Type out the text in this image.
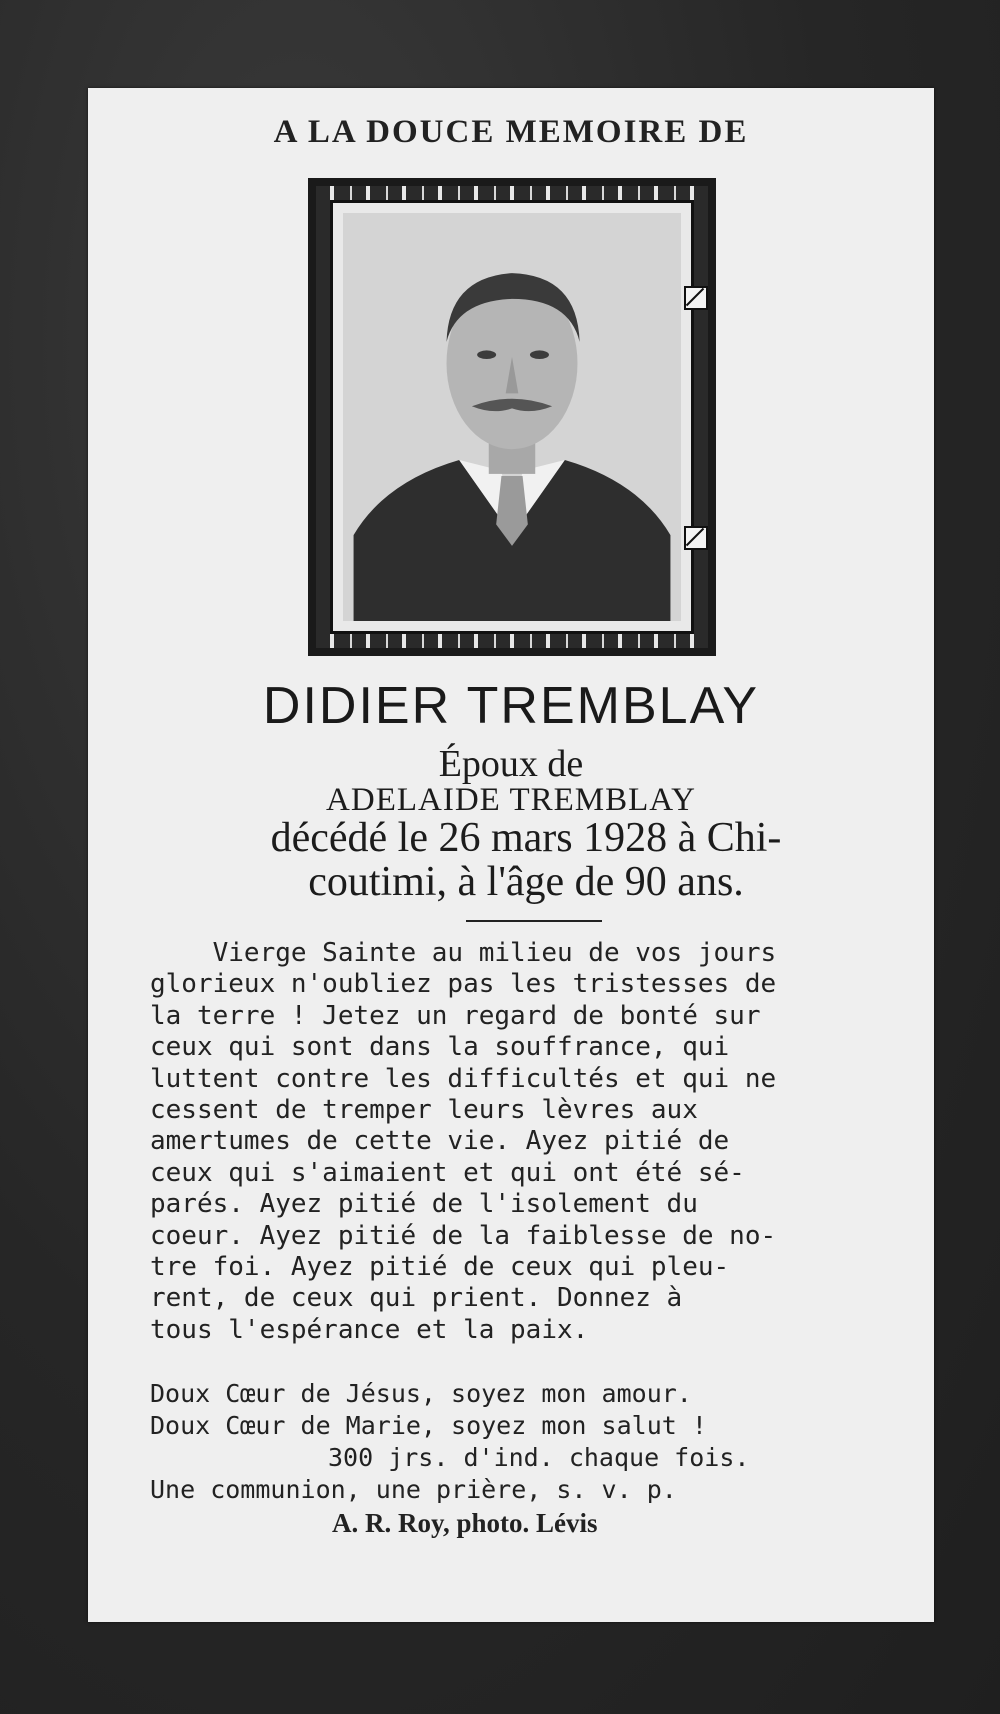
A LA DOUCE MEMOIRE DE
DIDIER TREMBLAY
Époux de
ADELAIDE TREMBLAY
décédé le 26 mars 1928 à Chi-
coutimi, à l'âge de 90 ans.
Vierge Sainte au milieu de vos jours
glorieux n'oubliez pas les tristesses de
la terre ! Jetez un regard de bonté sur
ceux qui sont dans la souffrance, qui
luttent contre les difficultés et qui ne
cessent de tremper leurs lèvres aux
amertumes de cette vie. Ayez pitié de
ceux qui s'aimaient et qui ont été sé-
parés. Ayez pitié de l'isolement du
coeur. Ayez pitié de la faiblesse de no-
tre foi. Ayez pitié de ceux qui pleu-
rent, de ceux qui prient. Donnez à
tous l'espérance et la paix.
Doux Cœur de Jésus, soyez mon amour.
Doux Cœur de Marie, soyez mon salut !
300 jrs. d'ind. chaque fois.
Une communion, une prière, s. v. p.
A. R. Roy, photo. Lévis
